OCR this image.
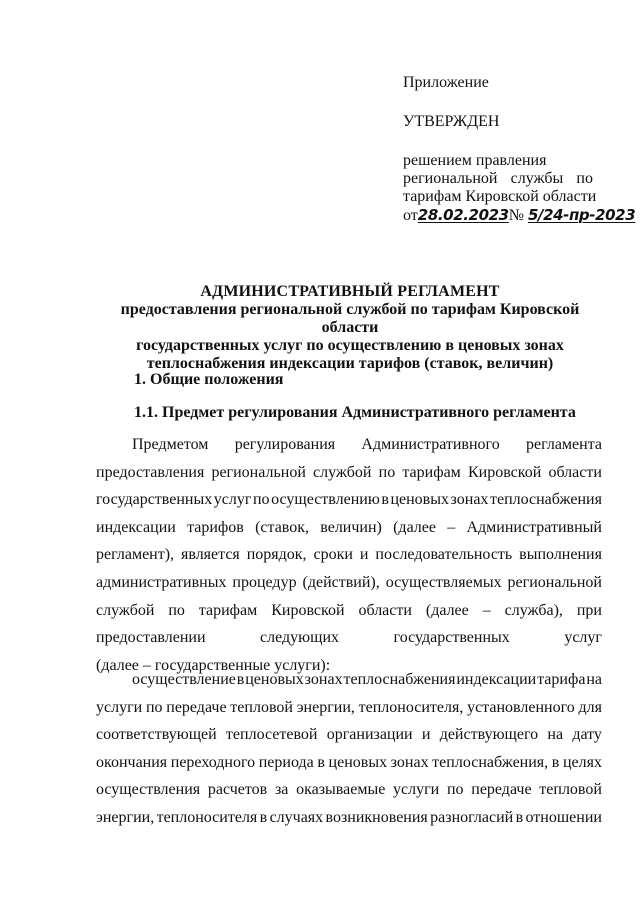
Приложение
УТВЕРЖДЕН
решением правления
региональной службы по
тарифам Кировской области
от28.02.2023№ 5/24-пр-2023
АДМИНИСТРАТИВНЫЙ РЕГЛАМЕНТ
предоставления региональной службой по тарифам Кировской области
государственных услуг по осуществлению в ценовых зонах
теплоснабжения индексации тарифов (ставок, величин)
1. Общие положения
1.1. Предмет регулирования Административного регламента
Предметом регулирования Административного регламента
предоставления региональной службой по тарифам Кировской области
государственных услуг по осуществлению в ценовых зонах теплоснабжения
индексации тарифов (ставок, величин) (далее – Административный
регламент), является порядок, сроки и последовательность выполнения
административных процедур (действий), осуществляемых региональной
службой по тарифам Кировской области (далее – служба), при
предоставлении	следующих	государственных	услуг
(далее – государственные услуги):
осуществление в ценовых зонах теплоснабжения индексации тарифа на
услуги по передаче тепловой энергии, теплоносителя, установленного для
соответствующей теплосетевой организации и действующего на дату
окончания переходного периода в ценовых зонах теплоснабжения, в целях
осуществления расчетов за оказываемые услуги по передаче тепловой
энергии, теплоносителя в случаях возникновения разногласий в отношении
